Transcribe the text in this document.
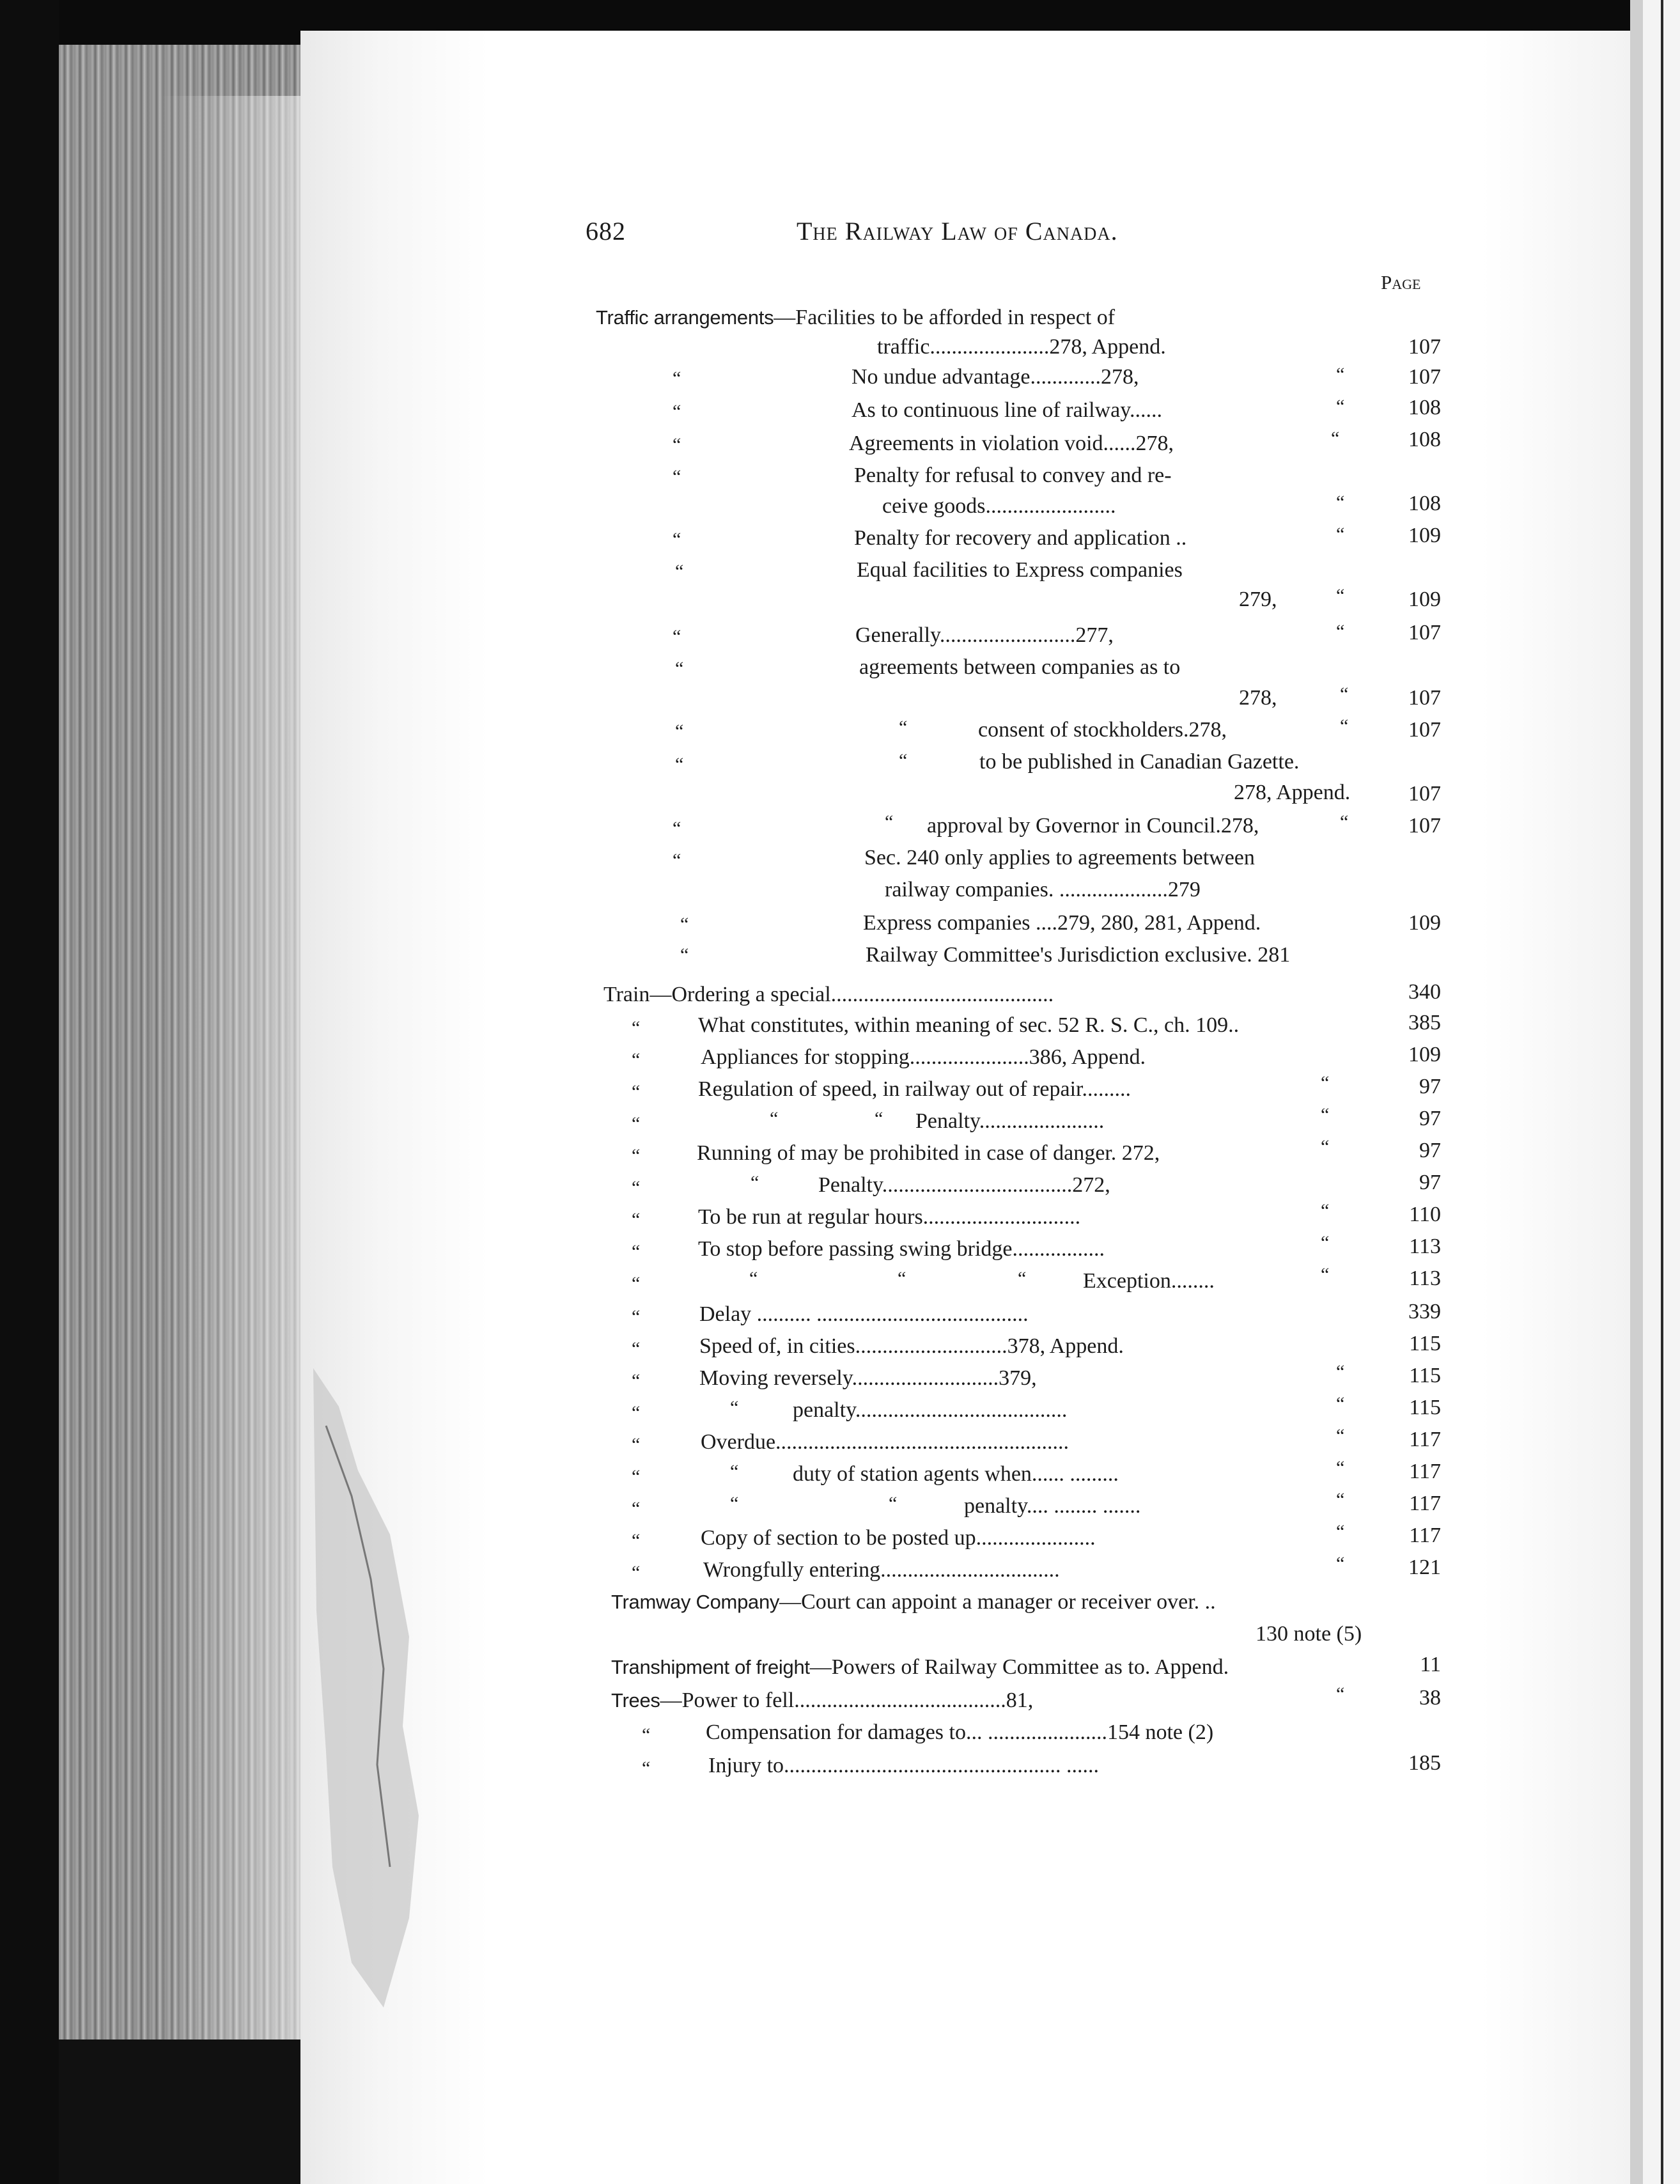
682	The Railway Law of Canada.
Page
Traffic arrangements—Facilities to be afforded in respect of
traffic......................278, Append.	107
“	No undue advantage.............278,	“	107
“	As to continuous line of railway......	“	108
“	Agreements in violation void......278,	“	108
“	Penalty for refusal to convey and re-
ceive goods........................	“	108
“	Penalty for recovery and application ..	“	109
“	Equal facilities to Express companies
279,	“	109
“	Generally.........................277,	“	107
“	agreements between companies as to
278,	“	107
“	“	consent of stockholders.278,	“	107
“	“	to be published in Canadian Gazette.
278, Append.	107
“	“ approval by Governor in Council.278,	“	107
“	Sec. 240 only applies to agreements between
railway companies. ....................279
“	Express companies ....279, 280, 281, Append.	109
“	Railway Committee's Jurisdiction exclusive. 281
Train—Ordering a special.........................................	340
“	What constitutes, within meaning of sec. 52 R. S. C., ch. 109..	385
“	Appliances for stopping......................386, Append.	109
“	Regulation of speed, in railway out of repair.........	“	97
“	“	“ Penalty.......................	“	97
“	Running of may be prohibited in case of danger. 272,	“	97
“	“	Penalty...................................272,	97
“	To be run at regular hours.............................	“	110
“	To stop before passing swing bridge.................	“	113
“	“	“	“	Exception........	“	113
“	Delay .......... .......................................	339
“	Speed of, in cities............................378, Append.	115
“	Moving reversely...........................379,	“	115
“	“ penalty.......................................	“	115
“	Overdue......................................................	“	117
“	“ duty of station agents when...... .........	“	117
“	“	“	penalty.... ........ .......	“	117
“	Copy of section to be posted up......................	“	117
“	Wrongfully entering.................................	“	121
Tramway Company—Court can appoint a manager or receiver over. ..
130 note (5)
Transhipment of freight—Powers of Railway Committee as to. Append.	11
Trees—Power to fell.......................................81,	“	38
“	Compensation for damages to... ......................154 note (2)
“	Injury to................................................... ......	185
